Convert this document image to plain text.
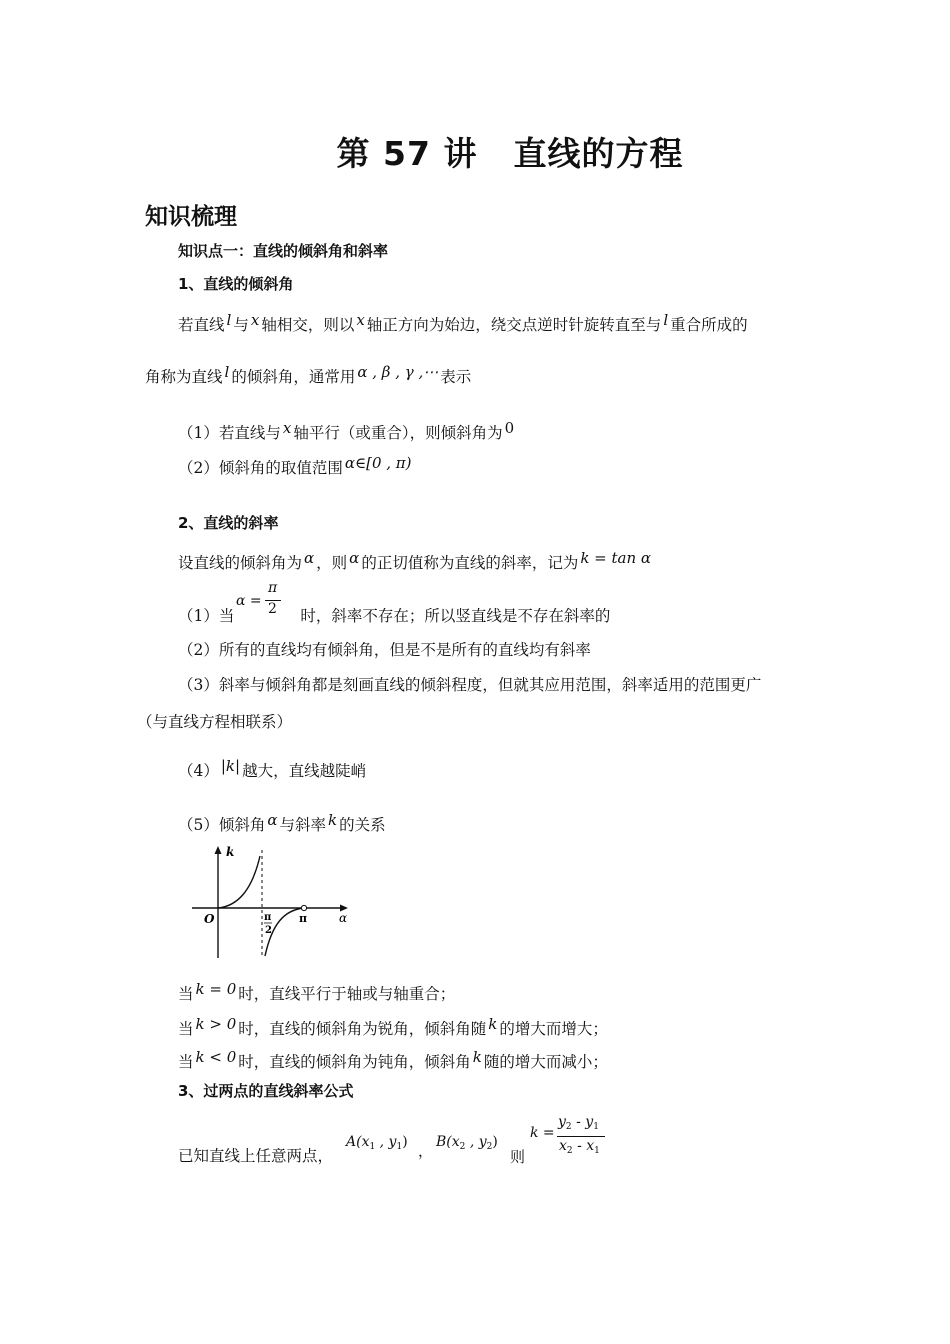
第 57 讲 直线的方程
知识梳理
知识点一：直线的倾斜角和斜率
1、直线的倾斜角
若直线 l 与 x 轴相交，则以 x 轴正方向为始边，绕交点逆时针旋转直至与 l 重合所成的
角称为直线 l 的倾斜角，通常用 α , β , γ ,⋯ 表示
（1）若直线与 x 轴平行（或重合），则倾斜角为 0
（2）倾斜角的取值范围 α∈[0 , π)
2、直线的斜率
设直线的倾斜角为 α ，则 α 的正切值称为直线的斜率，记为 k = tan α
（1）当	时，斜率不存在；所以竖直线是不存在斜率的
α =
π
2
（2）所有的直线均有倾斜角，但是不是所有的直线均有斜率
（3）斜率与倾斜角都是刻画直线的倾斜程度，但就其应用范围，斜率适用的范围更广
（与直线方程相联系）
（4） |k| 越大，直线越陡峭
（5）倾斜角 α 与斜率 k 的关系
k
O	α
π
π
2
当 k = 0 时，直线平行于轴或与轴重合；
当 k > 0 时，直线的倾斜角为锐角，倾斜角随 k 的增大而增大；
当 k < 0 时，直线的倾斜角为钝角，倾斜角 k 随的增大而减小；
3、过两点的直线斜率公式
已知直线上任意两点，
$A(x_1$ , $y_1$) ， $B(x_2$ , $y_2$)
则
k =
$y_2 - y_1$
$x_2 - x_1$
